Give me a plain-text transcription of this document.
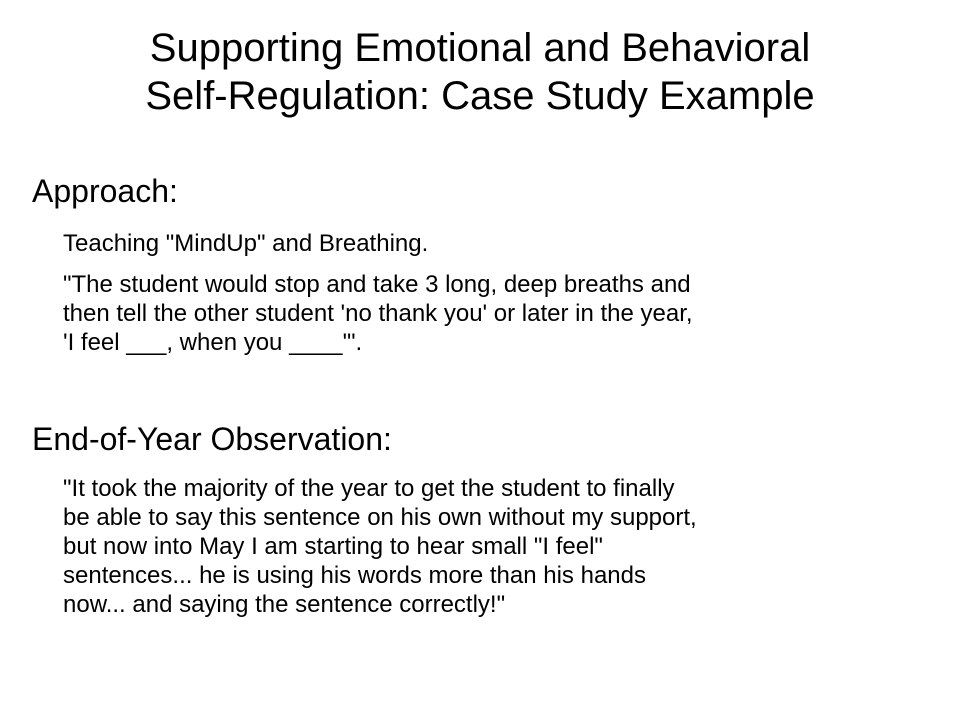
Supporting Emotional and Behavioral
Self-Regulation: Case Study Example
Approach:
Teaching "MindUp" and Breathing.
"The student would stop and take 3 long, deep breaths and
then tell the other student 'no thank you' or later in the year,
'I feel ___, when you ____'".
End-of-Year Observation:
"It took the majority of the year to get the student to finally
be able to say this sentence on his own without my support,
but now into May I am starting to hear small "I feel"
sentences... he is using his words more than his hands
now... and saying the sentence correctly!"
